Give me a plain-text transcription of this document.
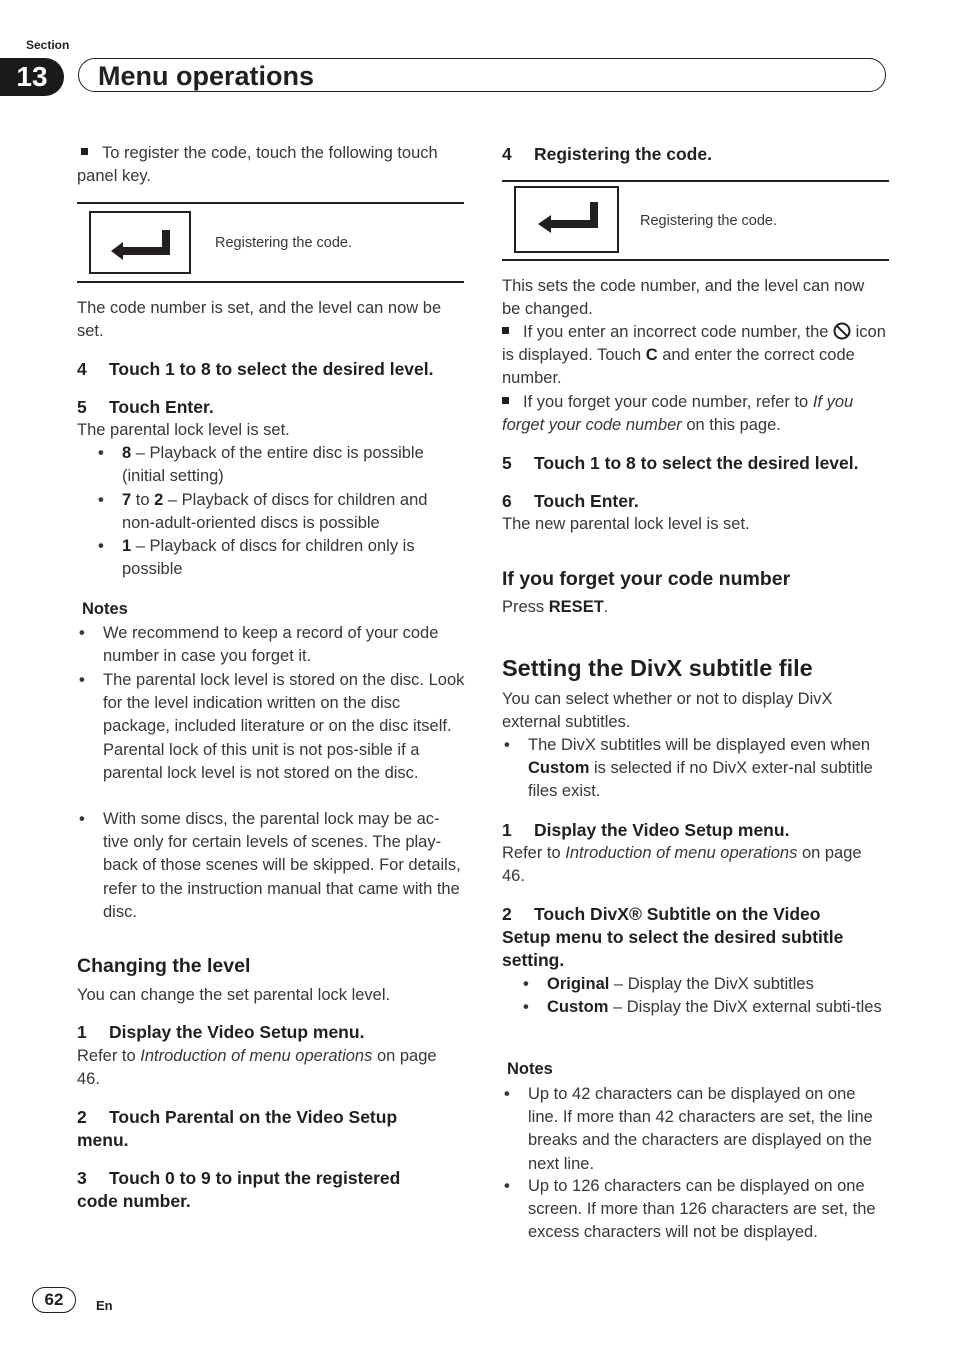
Section
13	Menu operations
To register the code, touch the following touch panel key.
Registering the code.
The code number is set, and the level can now be set.
4 Touch 1 to 8 to select the desired level.
5 Touch Enter.
The parental lock level is set.
• 8 – Playback of the entire disc is possible (initial setting)
• 7 to 2 – Playback of discs for children and non-adult-oriented discs is possible
• 1 – Playback of discs for children only is possible
Notes
• We recommend to keep a record of your code number in case you forget it.
• The parental lock level is stored on the disc. Look for the level indication written on the disc package, included literature or on the disc itself. Parental lock of this unit is not pos-sible if a parental lock level is not stored on the disc.
• With some discs, the parental lock may be ac-tive only for certain levels of scenes. The play-back of those scenes will be skipped. For details, refer to the instruction manual that came with the disc.
Changing the level
You can change the set parental lock level.
1 Display the Video Setup menu.
Refer to Introduction of menu operations on page 46.
2 Touch Parental on the Video Setup menu.
3 Touch 0 to 9 to input the registered code number.
4 Registering the code.
Registering the code.
This sets the code number, and the level can now be changed.
If you enter an incorrect code number, the  icon is displayed. Touch C and enter the correct code number.
If you forget your code number, refer to If you forget your code number on this page.
5 Touch 1 to 8 to select the desired level.
6 Touch Enter.
The new parental lock level is set.
If you forget your code number
Press RESET.
Setting the DivX subtitle file
You can select whether or not to display DivX external subtitles.
• The DivX subtitles will be displayed even when Custom is selected if no DivX exter-nal subtitle files exist.
1 Display the Video Setup menu.
Refer to Introduction of menu operations on page 46.
2 Touch DivX® Subtitle on the Video Setup menu to select the desired subtitle setting.
• Original – Display the DivX subtitles
• Custom – Display the DivX external subti-tles
Notes
• Up to 42 characters can be displayed on one line. If more than 42 characters are set, the line breaks and the characters are displayed on the next line.
• Up to 126 characters can be displayed on one screen. If more than 126 characters are set, the excess characters will not be displayed.
62	En
